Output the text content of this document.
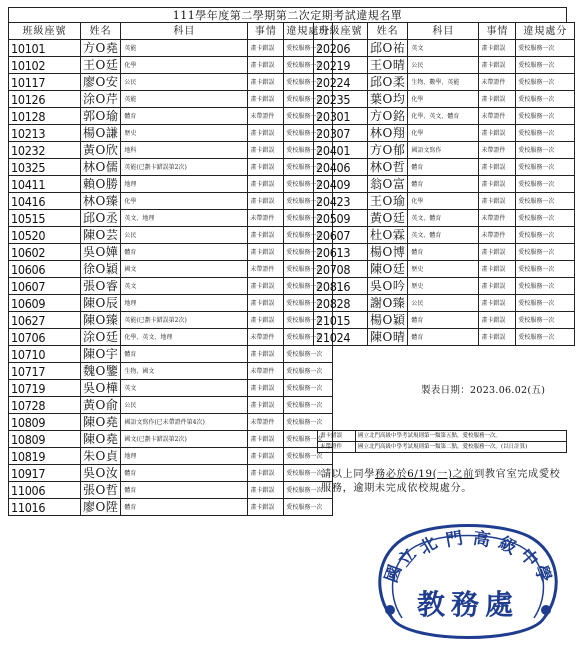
111學年度第二學期第二次定期考試違規名單
班級座號	姓名	科目	事情	違規處分
10101	方O堯	英能	畫卡錯誤	愛校服務一次
10102	王O廷	化學	畫卡錯誤	愛校服務一次
10117	廖O安	公民	畫卡錯誤	愛校服務一次
10126	涂O芹	英能	畫卡錯誤	愛校服務一次
10128	郭O瑜	體育	未帶證件	愛校服務一次
10213	楊O謙	歷史	畫卡錯誤	愛校服務一次
10232	黃O欣	地科	畫卡錯誤	愛校服務一次
10325	林O儒	英能(已劃卡錯誤第2次)	畫卡錯誤	愛校服務一次
10411	賴O勝	地理	畫卡錯誤	愛校服務一次
10416	林O臻	化學	畫卡錯誤	愛校服務一次
10515	邱O丞	英文、地理	未帶證件	愛校服務一次
10520	陳O芸	公民	畫卡錯誤	愛校服務一次
10602	吳O嬅	體育	畫卡錯誤	愛校服務一次
10606	徐O穎	國文	未帶證件	愛校服務一次
10607	張O睿	英文	畫卡錯誤	愛校服務一次
10609	陳O辰	地理	畫卡錯誤	愛校服務一次
10627	陳O臻	英能(已劃卡錯誤第2次)	畫卡錯誤	愛校服務一次
10706	涂O廷	化學、英文、地理	未帶證件	愛校服務一次
10710	陳O宇	體育	畫卡錯誤	愛校服務一次
10717	魏O鑒	生物、國文	未帶證件	愛校服務一次
10719	吳O樺	英文	畫卡錯誤	愛校服務一次
10728	黃O俞	公民	畫卡錯誤	愛校服務一次
10809	陳O堯	國語文寫作(已未帶證件第4次)	未帶證件	愛校服務一次
10809	陳O堯	國文(已劃卡錯誤第2次)	畫卡錯誤	愛校服務一次
10819	朱O貞	地理	畫卡錯誤	愛校服務一次
10917	吳O汝	體育	畫卡錯誤	愛校服務一次
11006	張O哲	體育	畫卡錯誤	愛校服務一次
11016	廖O陞	體育	畫卡錯誤	愛校服務一次
班級座號	姓名	科目	事情	違規處分
20206	邱O祐	英文	畫卡錯誤	愛校服務一次
20219	王O晴	公民	畫卡錯誤	愛校服務一次
20224	邱O柔	生物、數學、英能	未帶證件	愛校服務一次
20235	葉O均	化學	畫卡錯誤	愛校服務一次
20301	方O銘	化學、英文、體育	未帶證件	愛校服務一次
20307	林O翔	化學	畫卡錯誤	愛校服務一次
20401	方O郁	國語文寫作	未帶證件	愛校服務一次
20406	林O哲	體育	畫卡錯誤	愛校服務一次
20409	翁O富	體育	畫卡錯誤	愛校服務一次
20423	王O瑜	化學	畫卡錯誤	愛校服務一次
20509	黃O廷	英文、體育	未帶證件	愛校服務一次
20607	杜O霖	英文、體育	未帶證件	愛校服務一次
20613	楊O博	體育	畫卡錯誤	愛校服務一次
20708	陳O廷	歷史	畫卡錯誤	愛校服務一次
20816	吳O吟	歷史	畫卡錯誤	愛校服務一次
20828	謝O臻	公民	畫卡錯誤	愛校服務一次
21015	楊O穎	體育	畫卡錯誤	愛校服務一次
21024	陳O晴	體育	畫卡錯誤	愛校服務一次
製表日期：2023.06.02(五)
畫卡錯誤	國立北門高級中學考試規則第一類第五點，愛校服務一次。
未帶證件	國立北門高級中學考試規則第一類第二點，愛校服務一次。(以日計算)
請以上同學務必於6/19(一)之前到教官室完成愛校服務，逾期未完成依校規處分。
國
立
北 門 高 級
中
學
教務處
